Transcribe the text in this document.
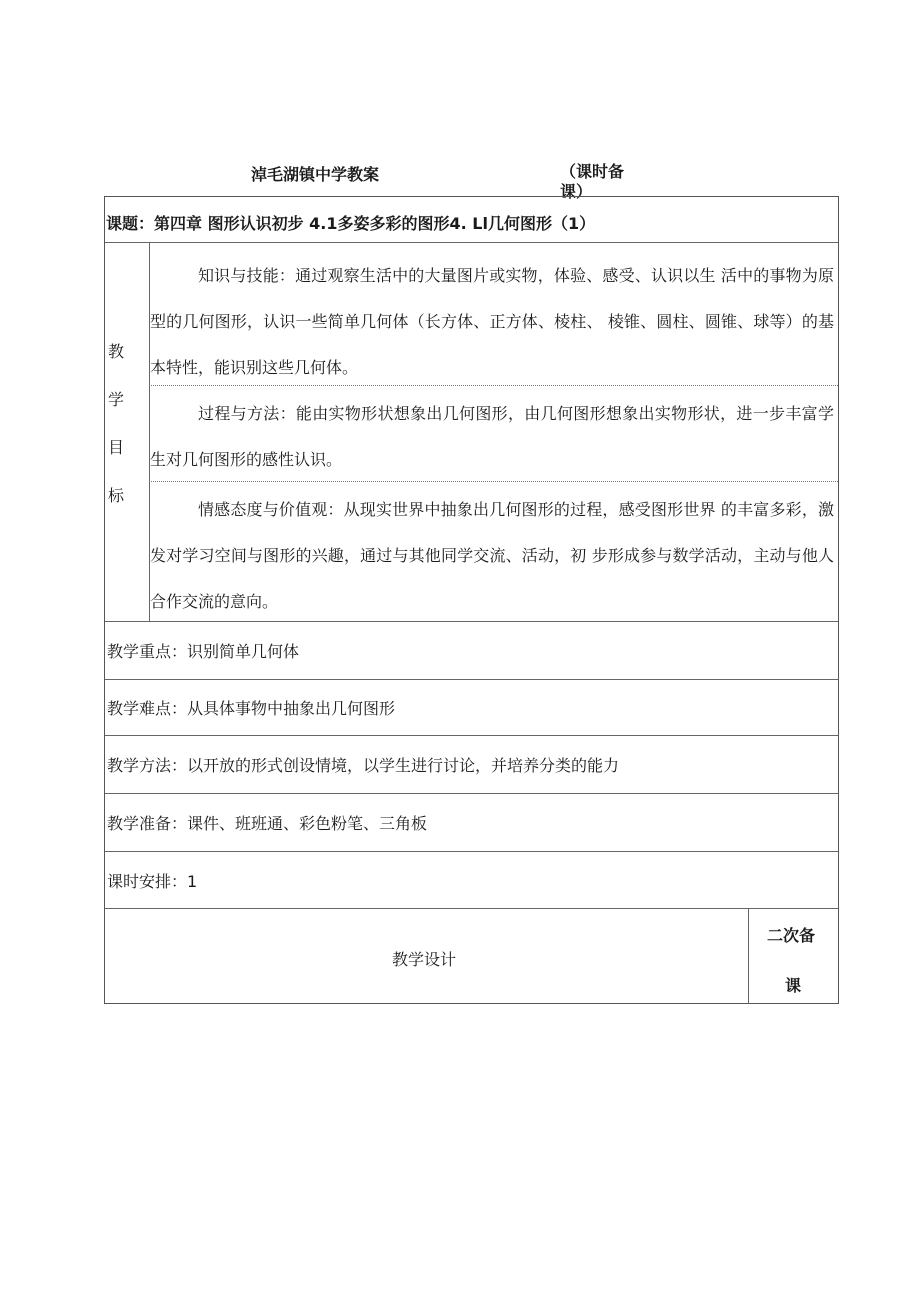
淖毛湖镇中学教案	（课时备课）
课题：第四章 图形认识初步 4.1多姿多彩的图形4. Ll几何图形（1）
教
学
目
标
知识与技能：通过观察生活中的大量图片或实物，体验、感受、认识以生 活中的事物为原型的几何图形，认识一些简单几何体（长方体、正方体、棱柱、 棱锥、圆柱、圆锥、球等）的基本特性，能识别这些几何体。
过程与方法：能由实物形状想象出几何图形，由几何图形想象出实物形状，进一步丰富学生对几何图形的感性认识。
情感态度与价值观：从现实世界中抽象出几何图形的过程，感受图形世界 的丰富多彩，激发对学习空间与图形的兴趣，通过与其他同学交流、活动，初 步形成参与数学活动，主动与他人合作交流的意向。
教学重点：识别简单几何体
教学难点：从具体事物中抽象出几何图形
教学方法：以开放的形式创设情境，以学生进行讨论，并培养分类的能力
教学准备：课件、班班通、彩色粉笔、三角板
课时安排：1
教学设计
二次备
课
